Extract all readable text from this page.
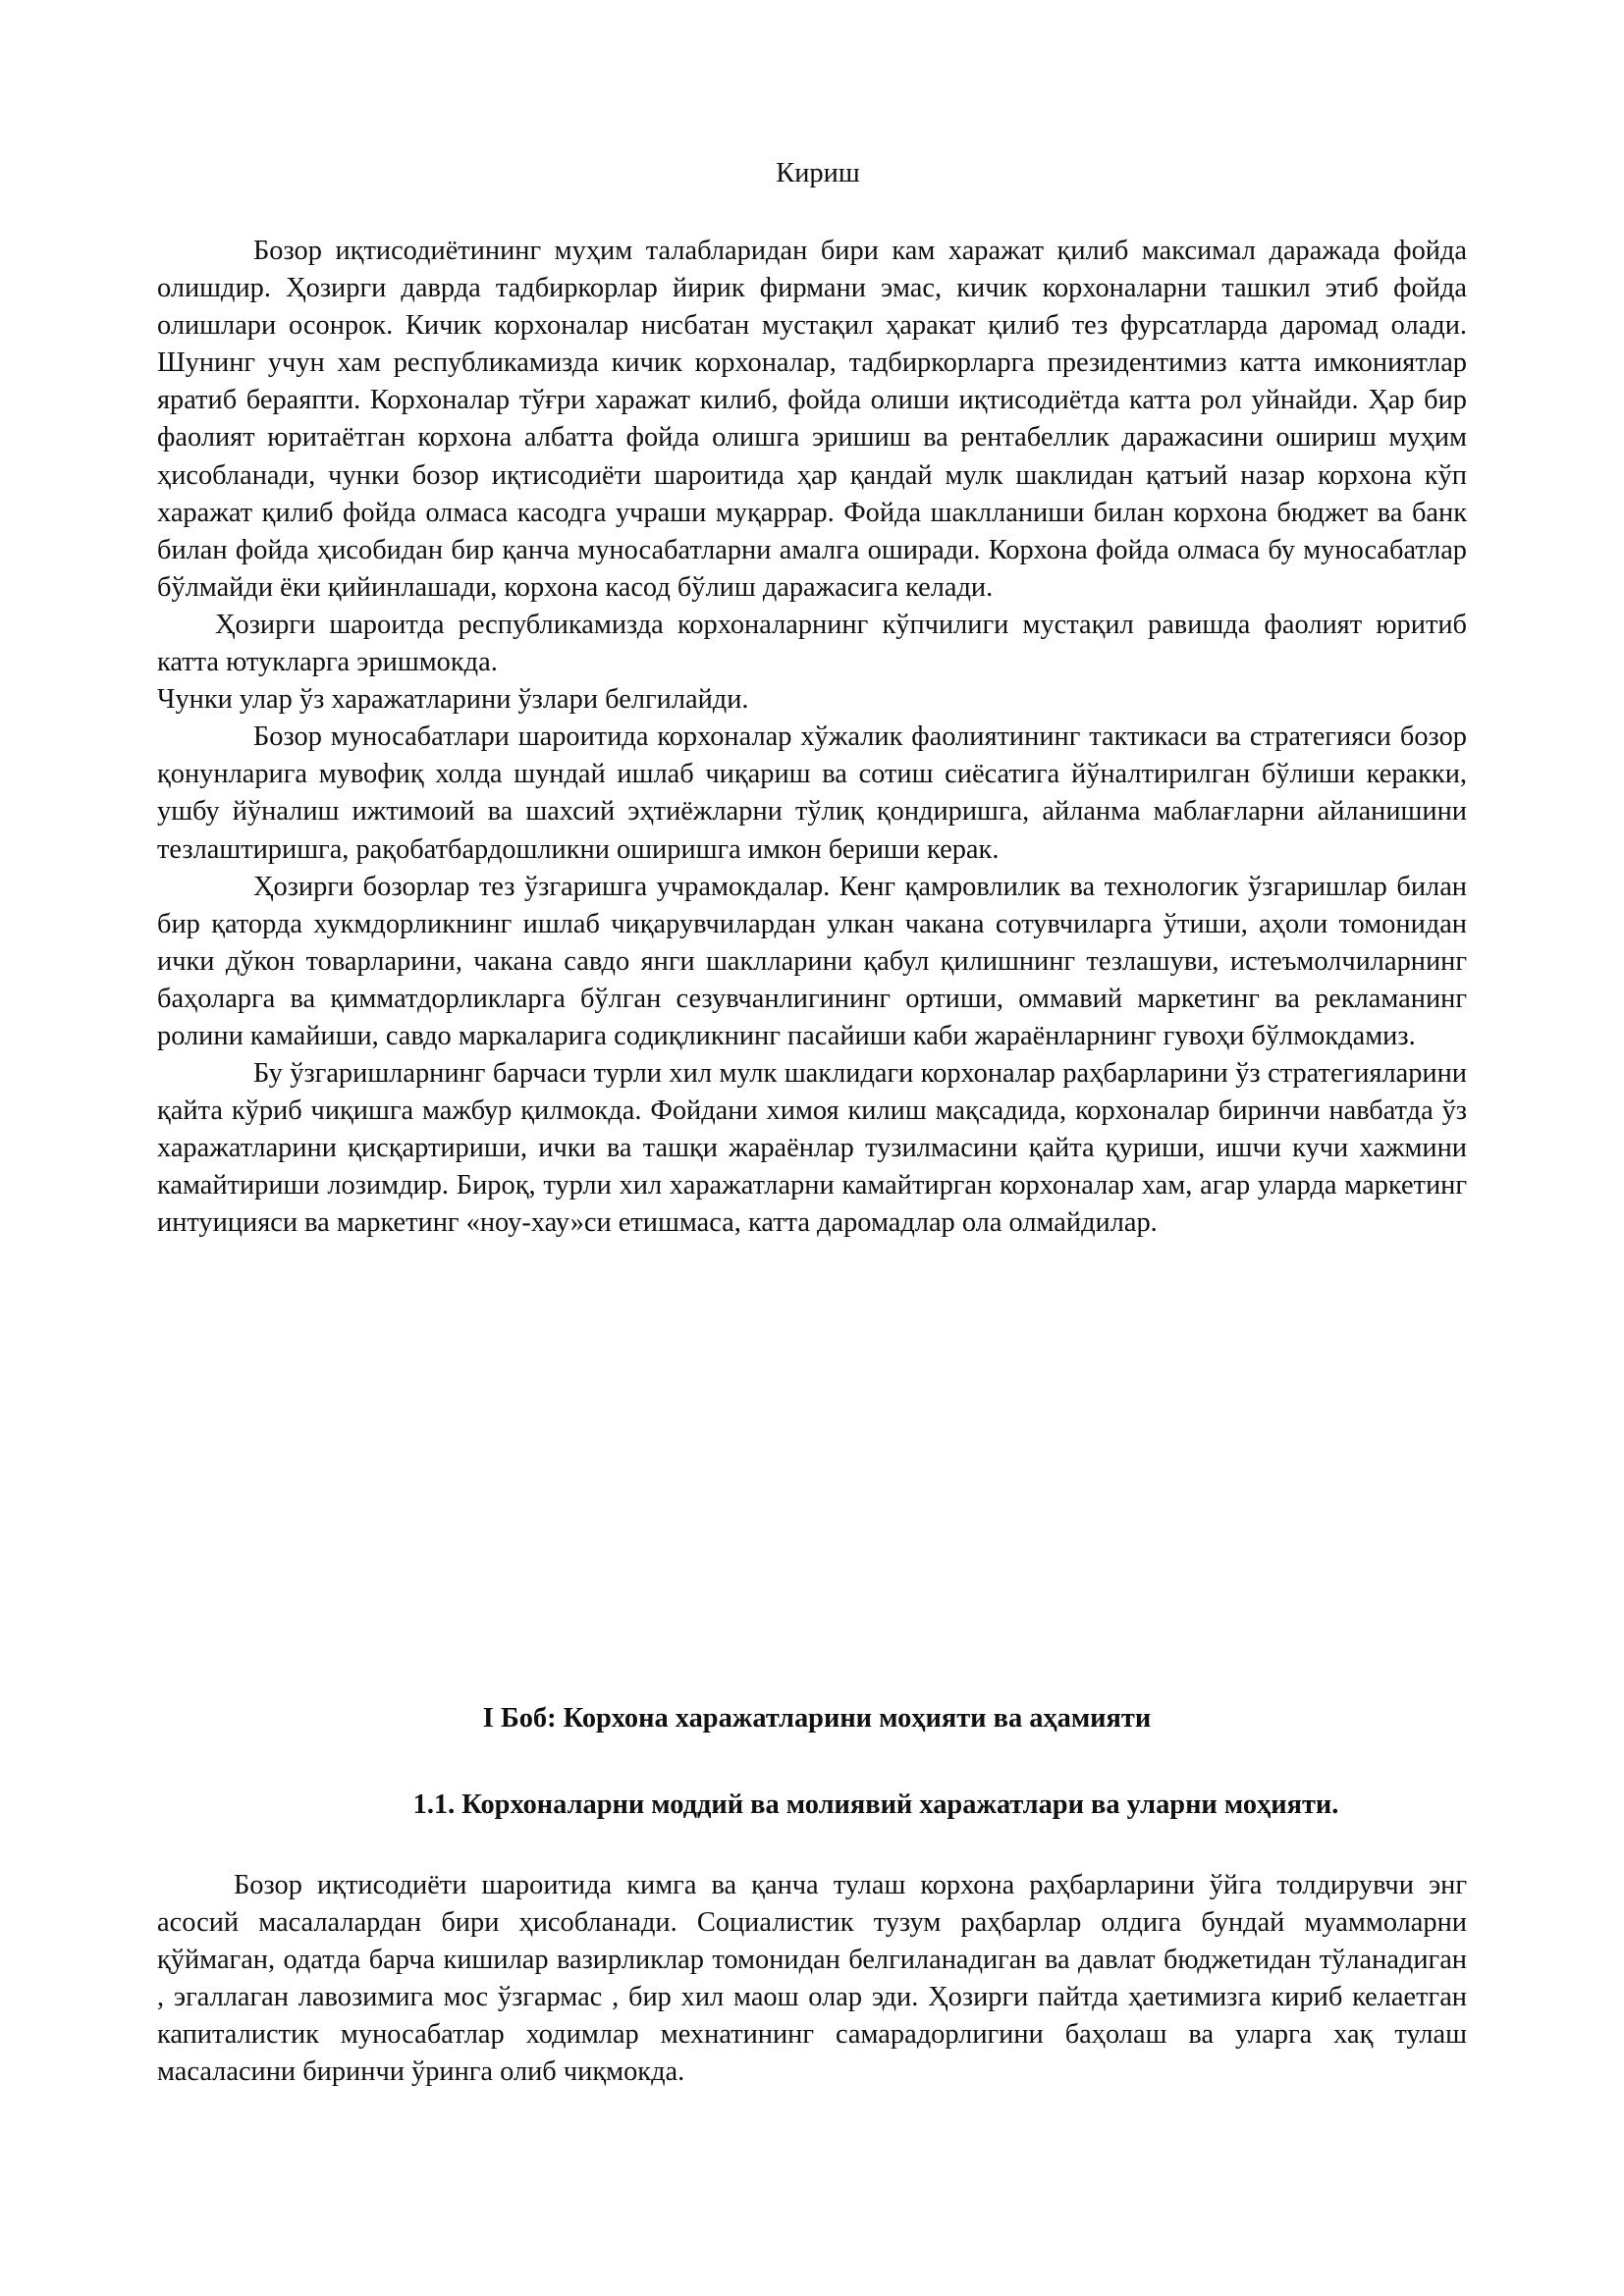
Кириш

Бозор иқтисодиётининг муҳим талабларидан бири кам харажат қилиб максимал даражада фойда олишдир. Ҳозирги даврда тадбиркорлар йирик фирмани эмас, кичик корхоналарни ташкил этиб фойда олишлари осонрок. Кичик корхоналар нисбатан мустақил ҳаракат қилиб тез фурсатларда даромад олади. Шунинг учун хам республикамизда кичик корхоналар, тадбиркорларга президентимиз катта имкониятлар яратиб бераяпти. Корхоналар тўғри харажат килиб, фойда олиши иқтисодиётда катта рол уйнайди. Ҳар бир фаолият юритаётган корхона албатта фойда олишга эришиш ва рентабеллик даражасини ошириш муҳим ҳисобланади, чунки бозор иқтисодиёти шароитида ҳар қандай мулк шаклидан қатъий назар корхона кўп харажат қилиб фойда олмаса касодга учраши муқаррар. Фойда шаклланиши билан корхона бюджет ва банк билан фойда ҳисобидан бир қанча муносабатларни амалга оширади. Корхона фойда олмаса бу муносабатлар бўлмайди ёки қийинлашади, корхона касод бўлиш даражасига келади.

Ҳозирги шароитда республикамизда корхоналарнинг кўпчилиги мустақил равишда фаолият юритиб катта ютукларга эришмокда.

Чунки улар ўз харажатларини ўзлари белгилайди.

Бозор муносабатлари шароитида корхоналар хўжалик фаолиятининг тактикаси ва стратегияси бозор қонунларига мувофиқ холда шундай ишлаб чиқариш ва сотиш сиёсатига йўналтирилган бўлиши керакки, ушбу йўналиш ижтимоий ва шахсий эҳтиёжларни тўлиқ қондиришга, айланма маблағларни айланишини тезлаштиришга, рақобатбардошликни оширишга имкон бериши керак.

Ҳозирги бозорлар тез ўзгаришга учрамокдалар. Кенг қамровлилик ва технологик ўзгаришлар билан бир қаторда хукмдорликнинг ишлаб чиқарувчилардан улкан чакана сотувчиларга ўтиши, аҳоли томонидан ички дўкон товарларини, чакана савдо янги шаклларини қабул қилишнинг тезлашуви, истеъмолчиларнинг баҳоларга ва қимматдорликларга бўлган сезувчанлигининг ортиши, оммавий маркетинг ва рекламанинг ролини камайиши, савдо маркаларига содиқликнинг пасайиши каби жараёнларнинг гувоҳи бўлмокдамиз.

Бу ўзгаришларнинг барчаси турли хил мулк шаклидаги корхоналар раҳбарларини ўз стратегияларини қайта кўриб чиқишга мажбур қилмокда. Фойдани химоя килиш мақсадида, корхоналар биринчи навбатда ўз харажатларини қисқартириши, ички ва ташқи жараёнлар тузилмасини қайта қуриши, ишчи кучи хажмини камайтириши лозимдир. Бироқ, турли хил харажатларни камайтирган корхоналар хам, агар уларда маркетинг интуицияси ва маркетинг «ноу-хау»си етишмаса, катта даромадлар ола олмайдилар.

I Боб: Корхона харажатларини моҳияти ва аҳамияти
1.1. Корхоналарни моддий ва молиявий харажатлари ва уларни моҳияти.

Бозор иқтисодиёти шароитида кимга ва қанча тулаш корхона раҳбарларини ўйга толдирувчи энг асосий масалалардан бири ҳисобланади. Социалистик тузум раҳбарлар олдига бундай муаммоларни қўймаган, одатда барча кишилар вазирликлар томонидан белгиланадиган ва давлат бюджетидан тўланадиган , эгаллаган лавозимига мос ўзгармас , бир хил маош олар эди. Ҳозирги пайтда ҳаетимизга кириб келаетган капиталистик муносабатлар ходимлар мехнатининг самарадорлигини баҳолаш ва уларга хақ тулаш масаласини биринчи ўринга олиб чиқмокда.
